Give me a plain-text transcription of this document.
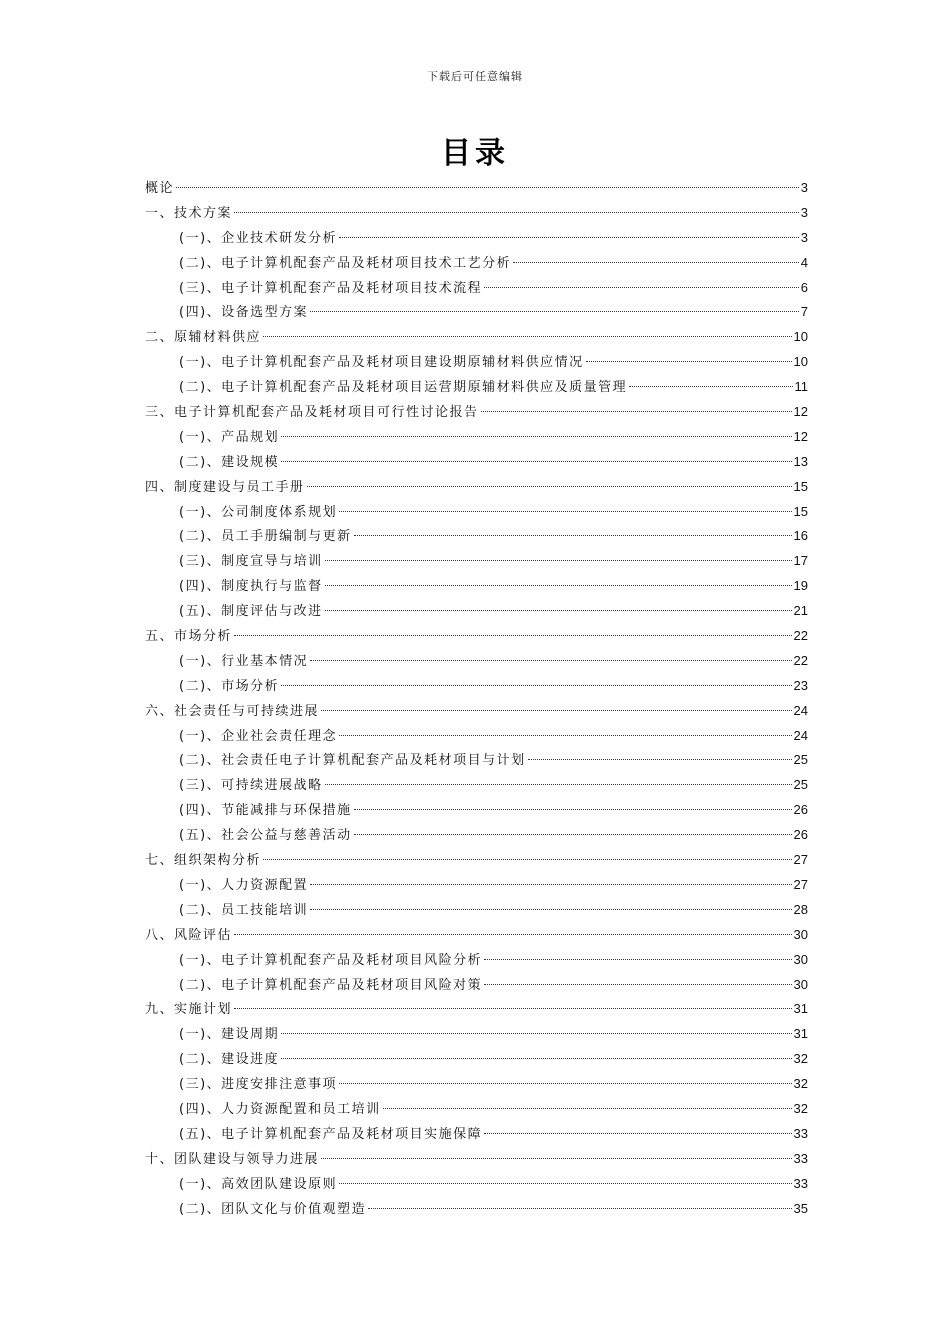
下载后可任意编辑
目录
概论	3
一、技术方案	3
(一)、企业技术研发分析	3
(二)、电子计算机配套产品及耗材项目技术工艺分析	4
(三)、电子计算机配套产品及耗材项目技术流程	6
(四)、设备选型方案	7
二、原辅材料供应	10
(一)、电子计算机配套产品及耗材项目建设期原辅材料供应情况	10
(二)、电子计算机配套产品及耗材项目运营期原辅材料供应及质量管理	11
三、电子计算机配套产品及耗材项目可行性讨论报告	12
(一)、产品规划	12
(二)、建设规模	13
四、制度建设与员工手册	15
(一)、公司制度体系规划	15
(二)、员工手册编制与更新	16
(三)、制度宣导与培训	17
(四)、制度执行与监督	19
(五)、制度评估与改进	21
五、市场分析	22
(一)、行业基本情况	22
(二)、市场分析	23
六、社会责任与可持续进展	24
(一)、企业社会责任理念	24
(二)、社会责任电子计算机配套产品及耗材项目与计划	25
(三)、可持续进展战略	25
(四)、节能减排与环保措施	26
(五)、社会公益与慈善活动	26
七、组织架构分析	27
(一)、人力资源配置	27
(二)、员工技能培训	28
八、风险评估	30
(一)、电子计算机配套产品及耗材项目风险分析	30
(二)、电子计算机配套产品及耗材项目风险对策	30
九、实施计划	31
(一)、建设周期	31
(二)、建设进度	32
(三)、进度安排注意事项	32
(四)、人力资源配置和员工培训	32
(五)、电子计算机配套产品及耗材项目实施保障	33
十、团队建设与领导力进展	33
(一)、高效团队建设原则	33
(二)、团队文化与价值观塑造	35
